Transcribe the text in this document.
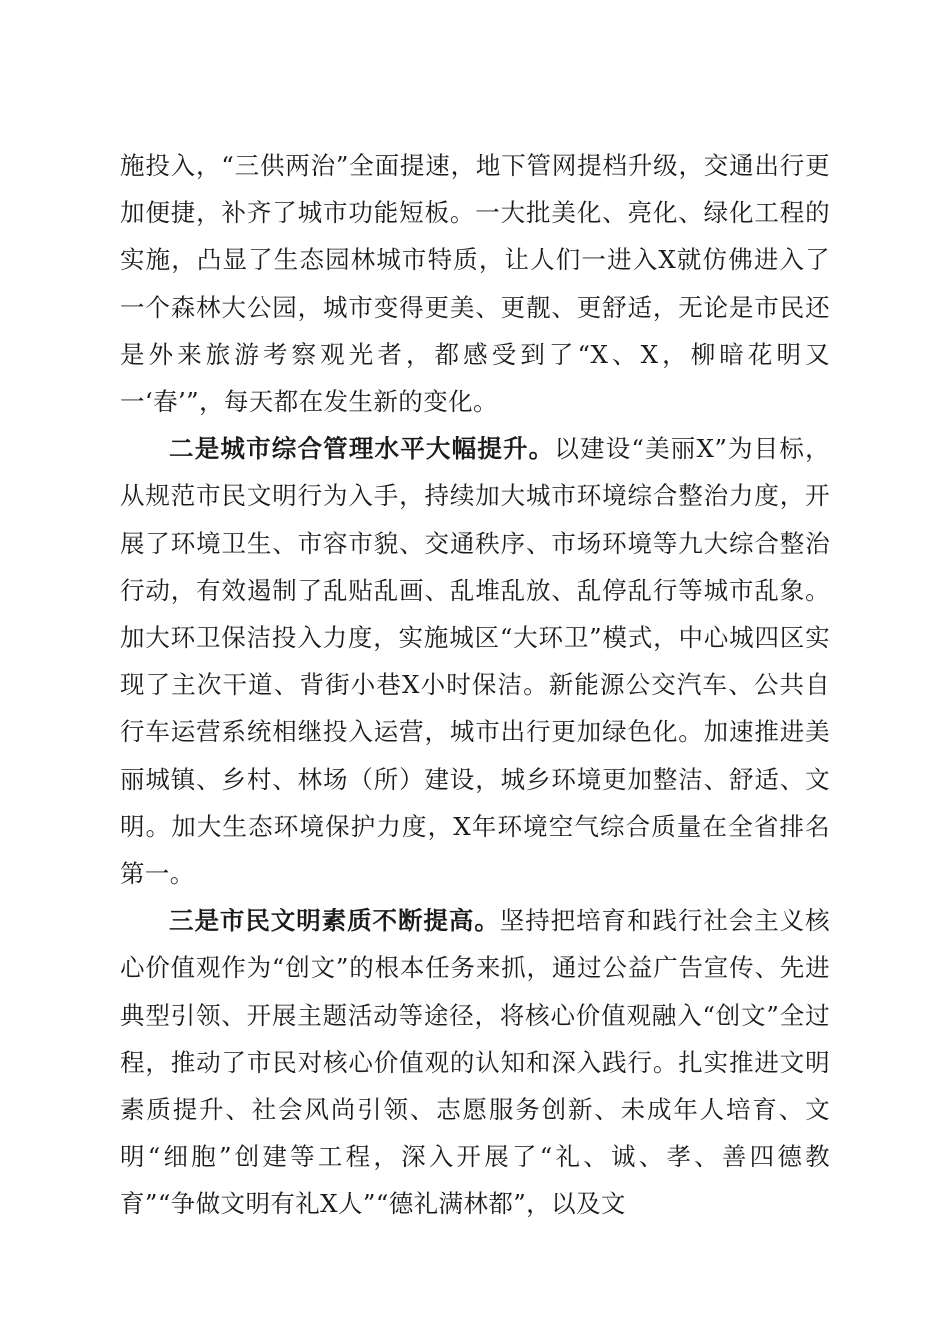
施投入，“三供两治”全面提速，地下管网提档升级，交通出行更加便捷，补齐了城市功能短板。一大批美化、亮化、绿化工程的实施，凸显了生态园林城市特质，让人们一进入X就仿佛进入了一个森林大公园，城市变得更美、更靓、更舒适，无论是市民还是外来旅游考察观光者，都感受到了“X、X，柳暗花明又一‘春’”，每天都在发生新的变化。

二是城市综合管理水平大幅提升。以建设“美丽X”为目标，从规范市民文明行为入手，持续加大城市环境综合整治力度，开展了环境卫生、市容市貌、交通秩序、市场环境等九大综合整治行动，有效遏制了乱贴乱画、乱堆乱放、乱停乱行等城市乱象。加大环卫保洁投入力度，实施城区“大环卫”模式，中心城四区实现了主次干道、背街小巷X小时保洁。新能源公交汽车、公共自行车运营系统相继投入运营，城市出行更加绿色化。加速推进美丽城镇、乡村、林场（所）建设，城乡环境更加整洁、舒适、文明。加大生态环境保护力度，X年环境空气综合质量在全省排名第一。

三是市民文明素质不断提高。坚持把培育和践行社会主义核心价值观作为“创文”的根本任务来抓，通过公益广告宣传、先进典型引领、开展主题活动等途径，将核心价值观融入“创文”全过程，推动了市民对核心价值观的认知和深入践行。扎实推进文明素质提升、社会风尚引领、志愿服务创新、未成年人培育、文明“细胞”创建等工程，深入开展了“礼、诚、孝、善四德教育”“争做文明有礼X人”“德礼满林都”，以及文
